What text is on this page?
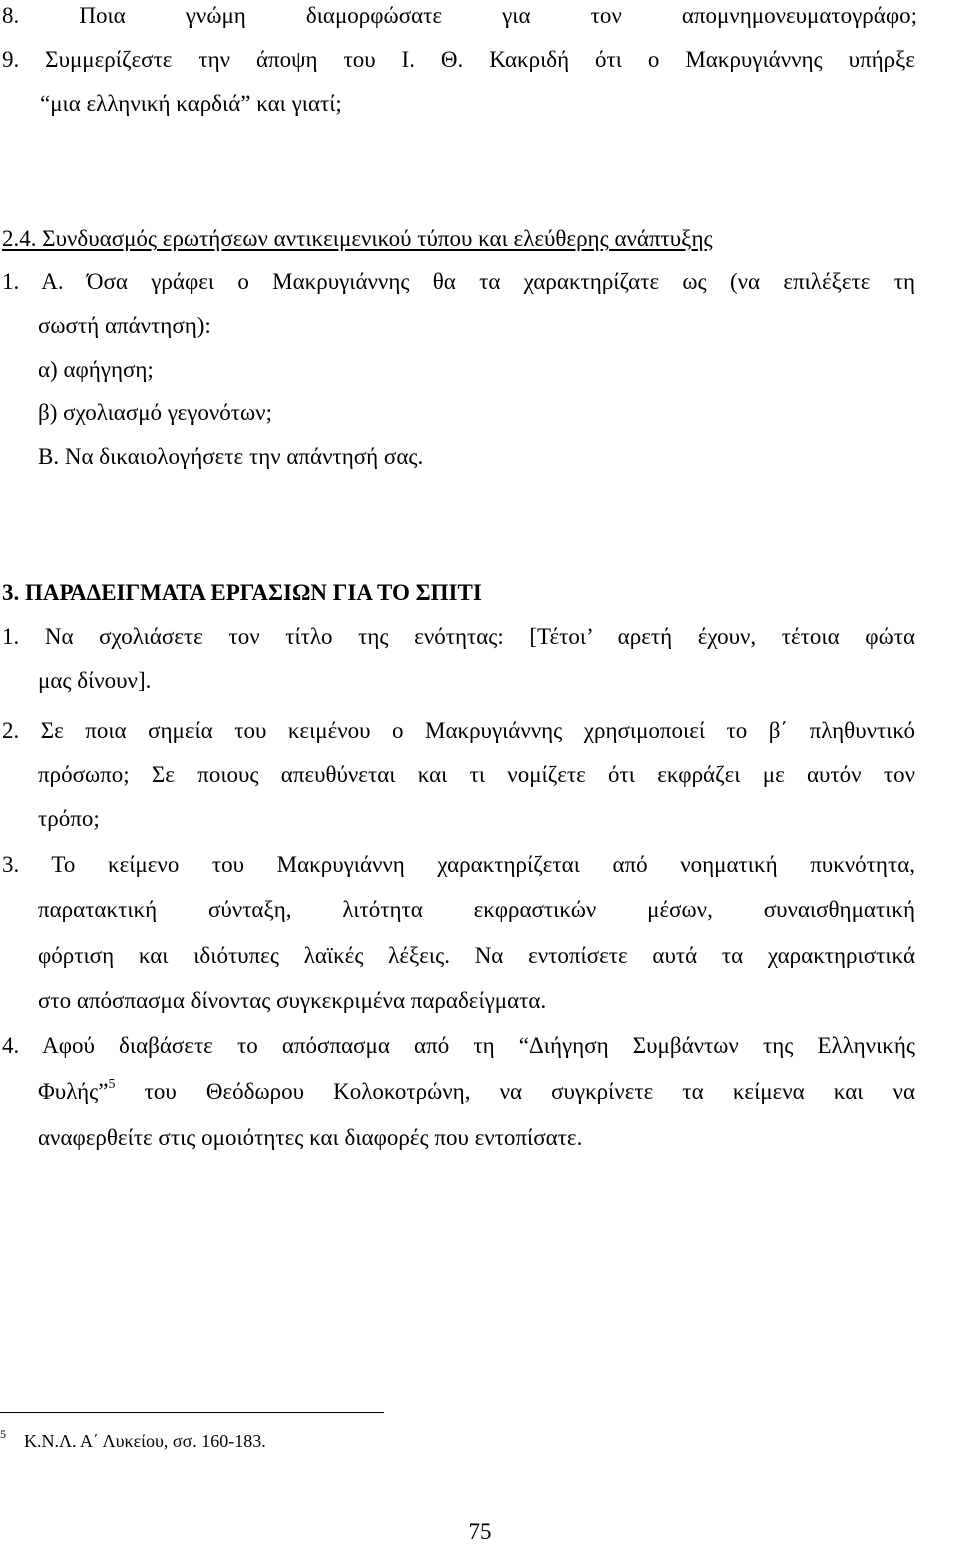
8. Ποια γνώμη διαμορφώσατε για τον απομνημονευματογράφο;
9. Συμμερίζεστε την άποψη του Ι. Θ. Κακριδή ότι ο Μακρυγιάννης υπήρξε
“μια ελληνική καρδιά” και γιατί;
2.4. Συνδυασμός ερωτήσεων αντικειμενικού τύπου και ελεύθερης ανάπτυξης
1. Α. Όσα γράφει ο Μακρυγιάννης θα τα χαρακτηρίζατε ως (να επιλέξετε τη
σωστή απάντηση):
α) αφήγηση;
β) σχολιασμό γεγονότων;
Β. Να δικαιολογήσετε την απάντησή σας.
3. ΠΑΡΑΔΕΙΓΜΑΤΑ ΕΡΓΑΣΙΩΝ ΓΙΑ ΤΟ ΣΠΙΤΙ
1. Να σχολιάσετε τον τίτλο της ενότητας: [Τέτοι’ αρετή έχουν, τέτοια φώτα
μας δίνουν].
2. Σε ποια σημεία του κειμένου ο Μακρυγιάννης χρησιμοποιεί το β΄ πληθυντικό
πρόσωπο; Σε ποιους απευθύνεται και τι νομίζετε ότι εκφράζει με αυτόν τον
τρόπο;
3. Το κείμενο του Μακρυγιάννη χαρακτηρίζεται από νοηματική πυκνότητα,
παρατακτική σύνταξη, λιτότητα εκφραστικών μέσων, συναισθηματική
φόρτιση και ιδιότυπες λαϊκές λέξεις. Να εντοπίσετε αυτά τα χαρακτηριστικά
στο απόσπασμα δίνοντας συγκεκριμένα παραδείγματα.
4. Αφού διαβάσετε το απόσπασμα από τη “Διήγηση Συμβάντων της Ελληνικής
Φυλής”$^5$ του Θεόδωρου Κολοκοτρώνη, να συγκρίνετε τα κείμενα και να
αναφερθείτε στις ομοιότητες και διαφορές που εντοπίσατε.
$^5$ Κ.Ν.Λ. Α΄ Λυκείου, σσ. 160-183.
75
